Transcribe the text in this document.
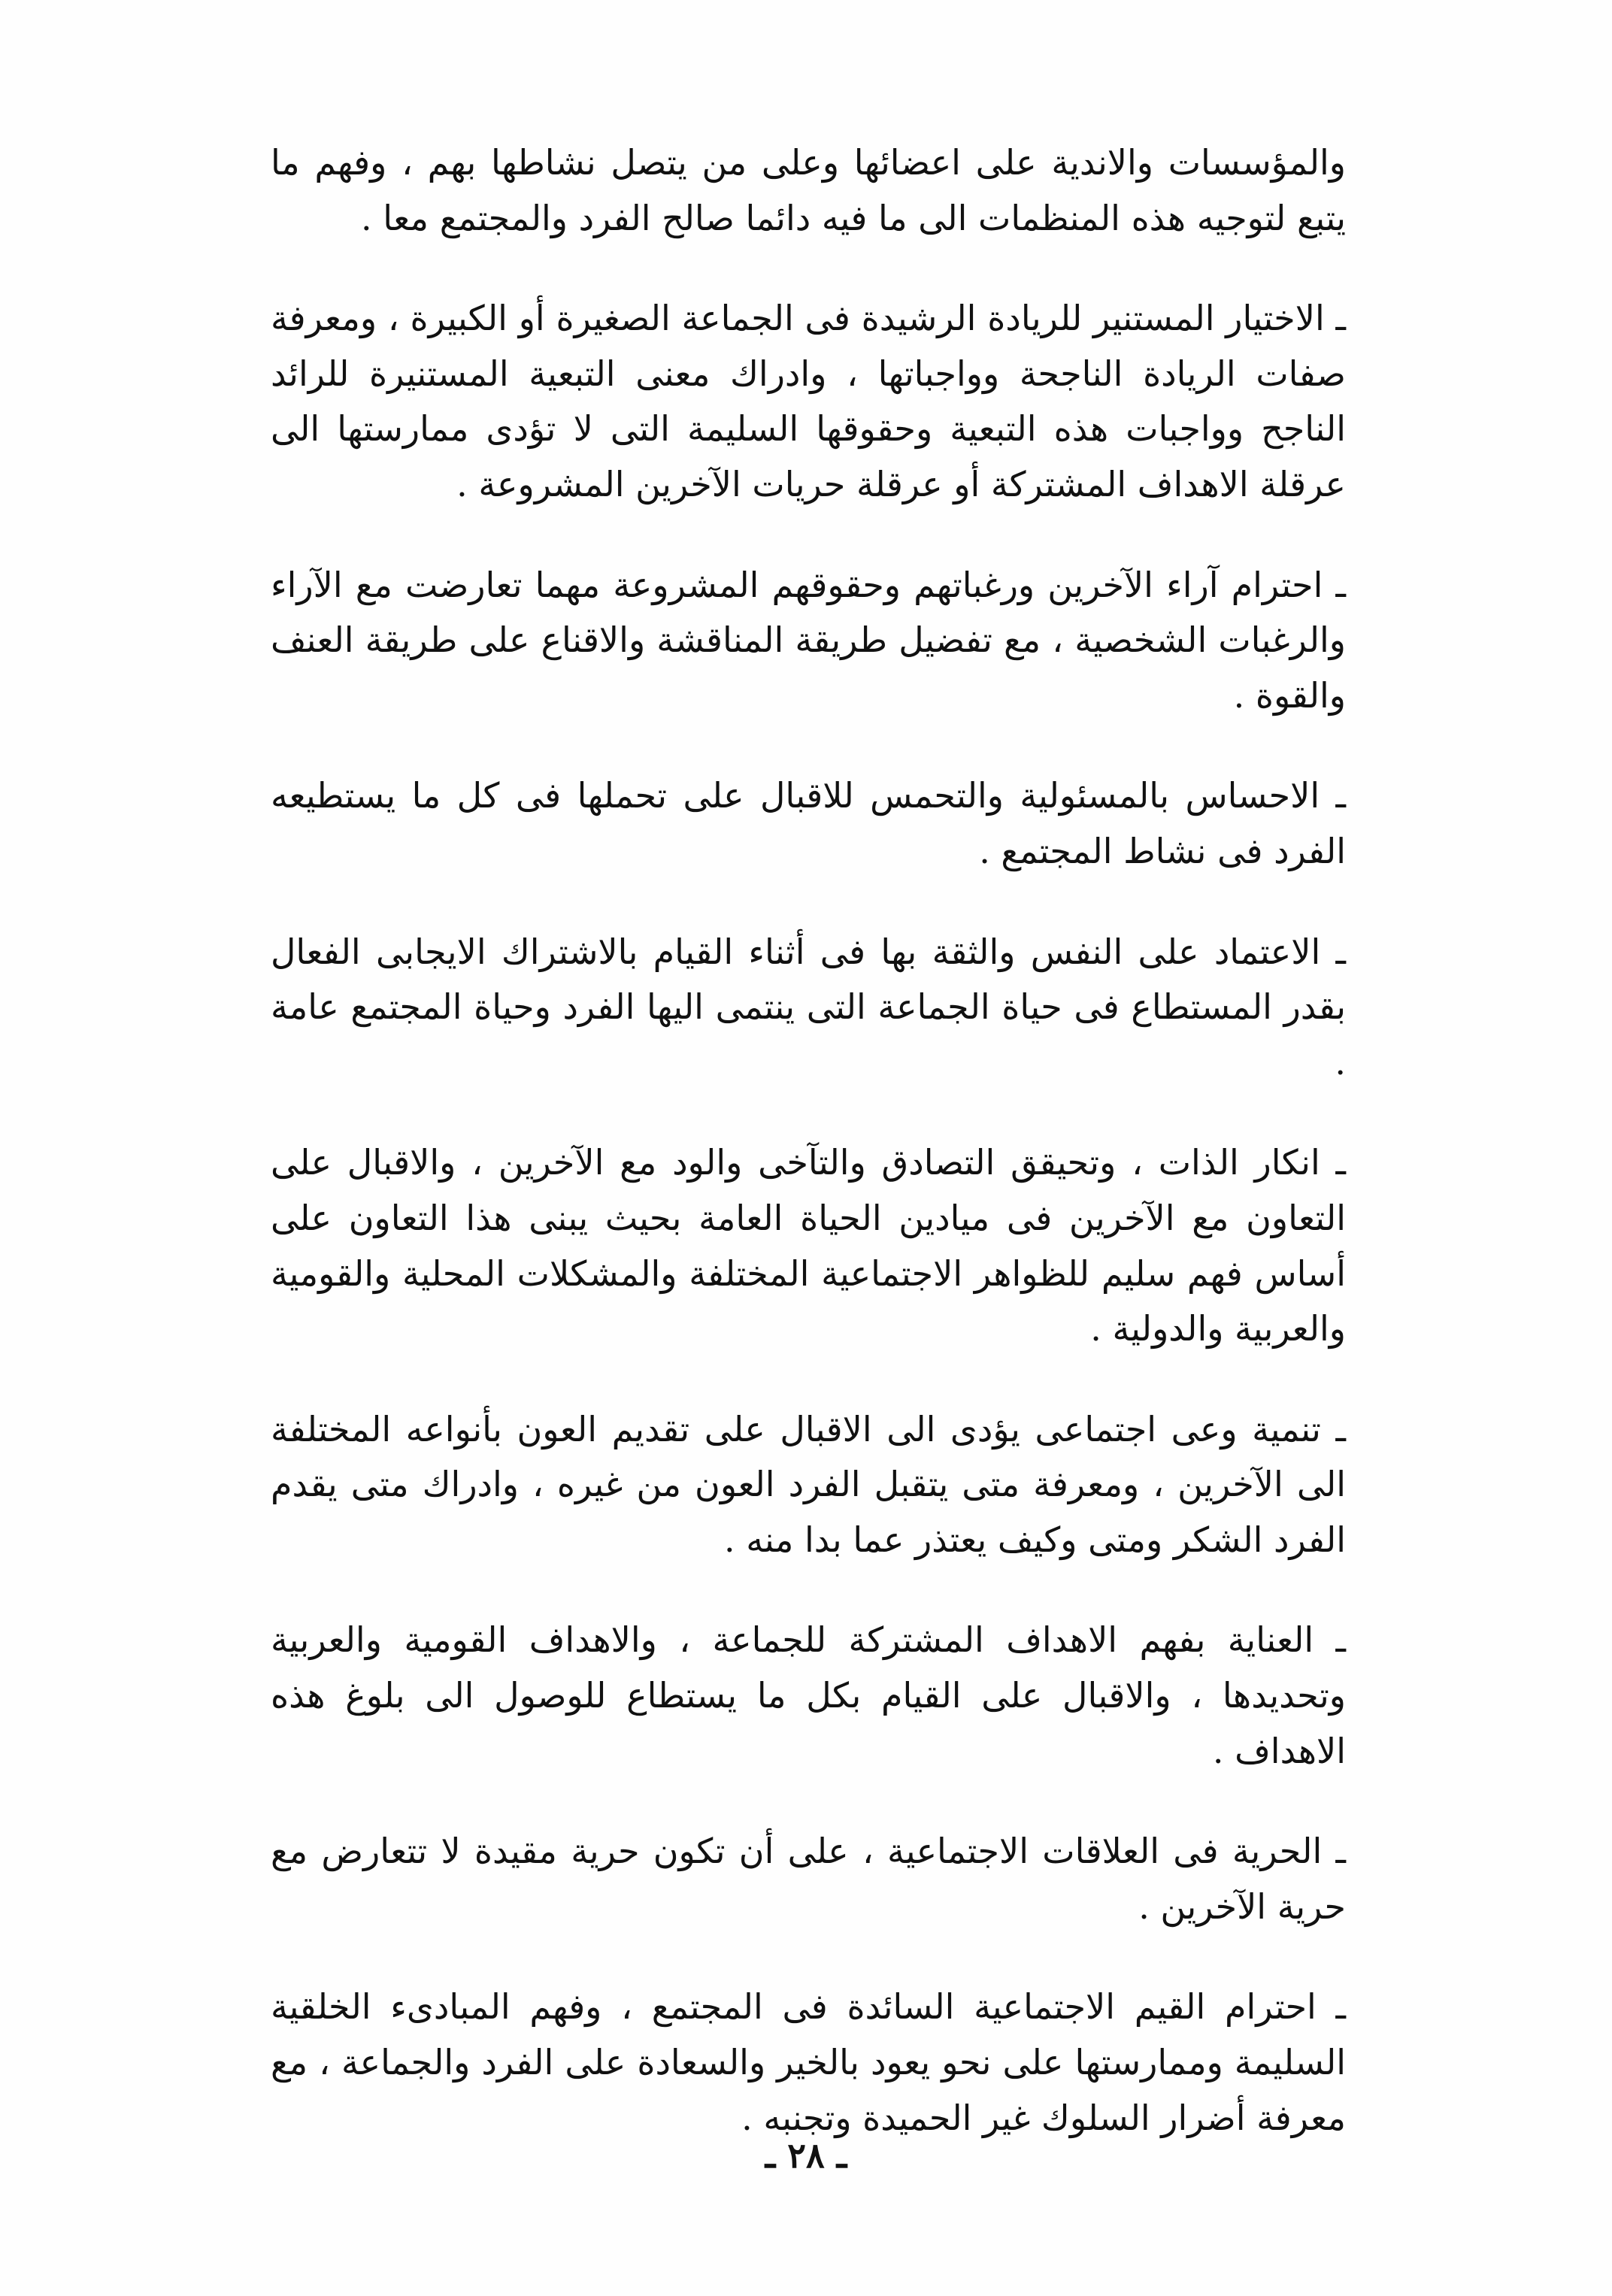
والمؤسسات والاندية على اعضائها وعلى من يتصل نشاطها بهم ، وفهم ما يتبع لتوجيه هذه المنظمات الى ما فيه دائما صالح الفرد والمجتمع معا .

ـ الاختيار المستنير للريادة الرشيدة فى الجماعة الصغيرة أو الكبيرة ، ومعرفة صفات الريادة الناجحة وواجباتها ، وادراك معنى التبعية المستنيرة للرائد الناجح وواجبات هذه التبعية وحقوقها السليمة التى لا تؤدى ممارستها الى عرقلة الاهداف المشتركة أو عرقلة حريات الآخرين المشروعة .

ـ احترام آراء الآخرين ورغباتهم وحقوقهم المشروعة مهما تعارضت مع الآراء والرغبات الشخصية ، مع تفضيل طريقة المناقشة والاقناع على طريقة العنف والقوة .

ـ الاحساس بالمسئولية والتحمس للاقبال على تحملها فى كل ما يستطيعه الفرد فى نشاط المجتمع .

ـ الاعتماد على النفس والثقة بها فى أثناء القيام بالاشتراك الايجابى الفعال بقدر المستطاع فى حياة الجماعة التى ينتمى اليها الفرد وحياة المجتمع عامة .

ـ انكار الذات ، وتحيقق التصادق والتآخى والود مع الآخرين ، والاقبال على التعاون مع الآخرين فى ميادين الحياة العامة بحيث يبنى هذا التعاون على أساس فهم سليم للظواهر الاجتماعية المختلفة والمشكلات المحلية والقومية والعربية والدولية .

ـ تنمية وعى اجتماعى يؤدى الى الاقبال على تقديم العون بأنواعه المختلفة الى الآخرين ، ومعرفة متى يتقبل الفرد العون من غيره ، وادراك متى يقدم الفرد الشكر ومتى وكيف يعتذر عما بدا منه .

ـ العناية بفهم الاهداف المشتركة للجماعة ، والاهداف القومية والعربية وتحديدها ، والاقبال على القيام بكل ما يستطاع للوصول الى بلوغ هذه الاهداف .

ـ الحرية فى العلاقات الاجتماعية ، على أن تكون حرية مقيدة لا تتعارض مع حرية الآخرين .

ـ احترام القيم الاجتماعية السائدة فى المجتمع ، وفهم المبادىء الخلقية السليمة وممارستها على نحو يعود بالخير والسعادة على الفرد والجماعة ، مع معرفة أضرار السلوك غير الحميدة وتجنبه .

ـ ٢٨ ـ
